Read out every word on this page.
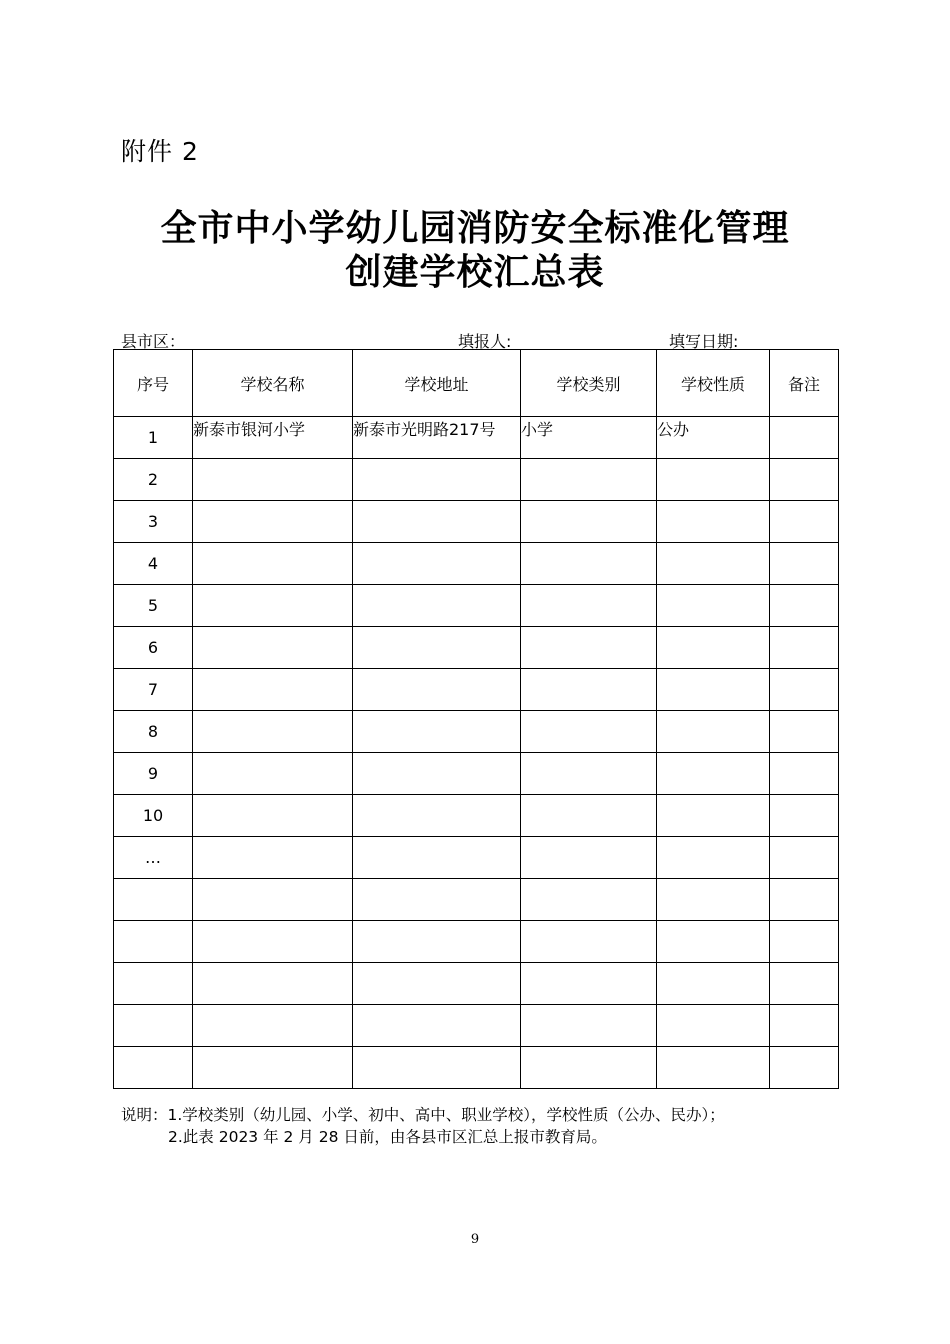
附件 2
全市中小学幼儿园消防安全标准化管理
创建学校汇总表
县市区：	填报人:	填写日期:
序号	学校名称	学校地址	学校类别	学校性质	备注
1	新泰市银河小学	新泰市光明路217号	小学	公办	
2					
3					
4					
5					
6					
7					
8					
9					
10					
…					

说明：1.学校类别（幼儿园、小学、初中、高中、职业学校），学校性质（公办、民办）；
2.此表 2023 年 2 月 28 日前，由各县市区汇总上报市教育局。
9
